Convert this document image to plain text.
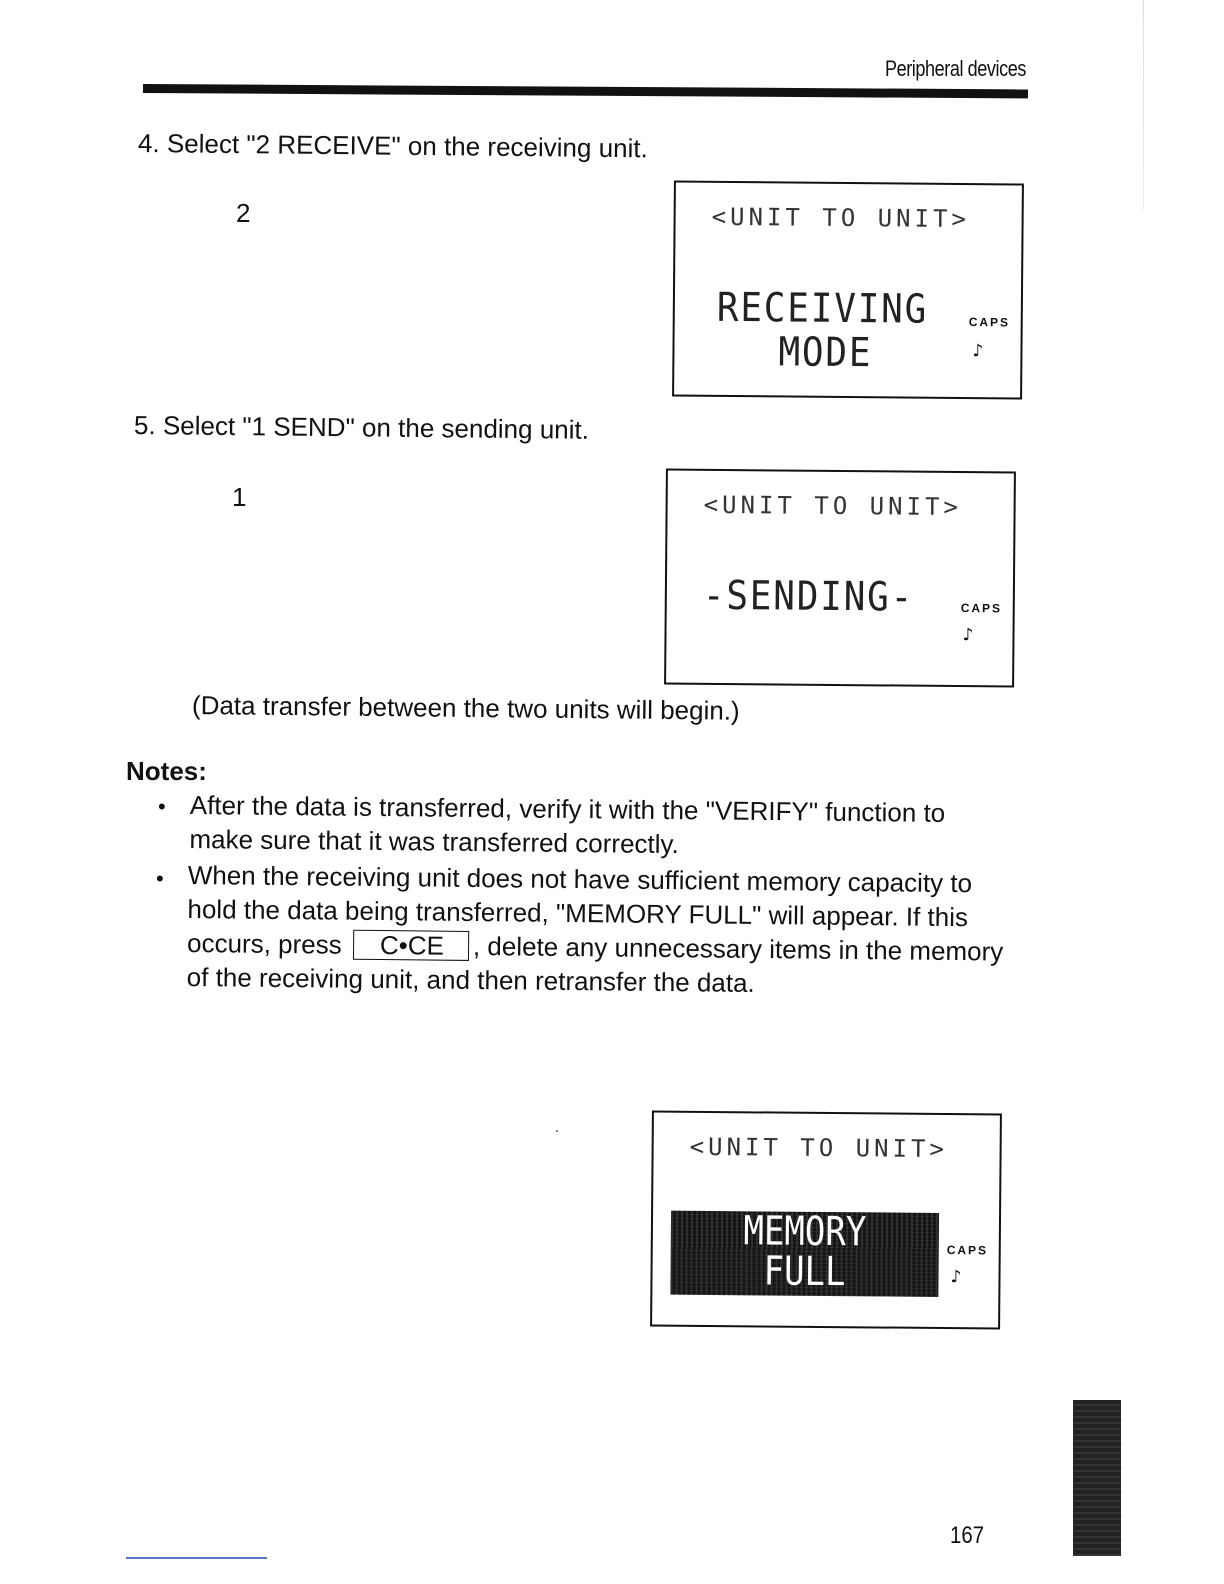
Peripheral devices
4. Select "2 RECEIVE" on the receiving unit.
2	<UNIT TO UNIT>
RECEIVING
MODE
CAPS
♪
5. Select "1 SEND" on the sending unit.
1	<UNIT TO UNIT>
-SENDING-	CAPS
♪
(Data transfer between the two units will begin.)
Notes:
• After the data is transferred, verify it with the "VERIFY" function to make sure that it was transferred correctly.
• When the receiving unit does not have sufficient memory capacity to hold the data being transferred, "MEMORY FULL" will appear. If this occurs, press C•CE , delete any unnecessary items in the memory of the receiving unit, and then retransfer the data.
<UNIT TO UNIT>
MEMORY
FULL	CAPS
♪
167
